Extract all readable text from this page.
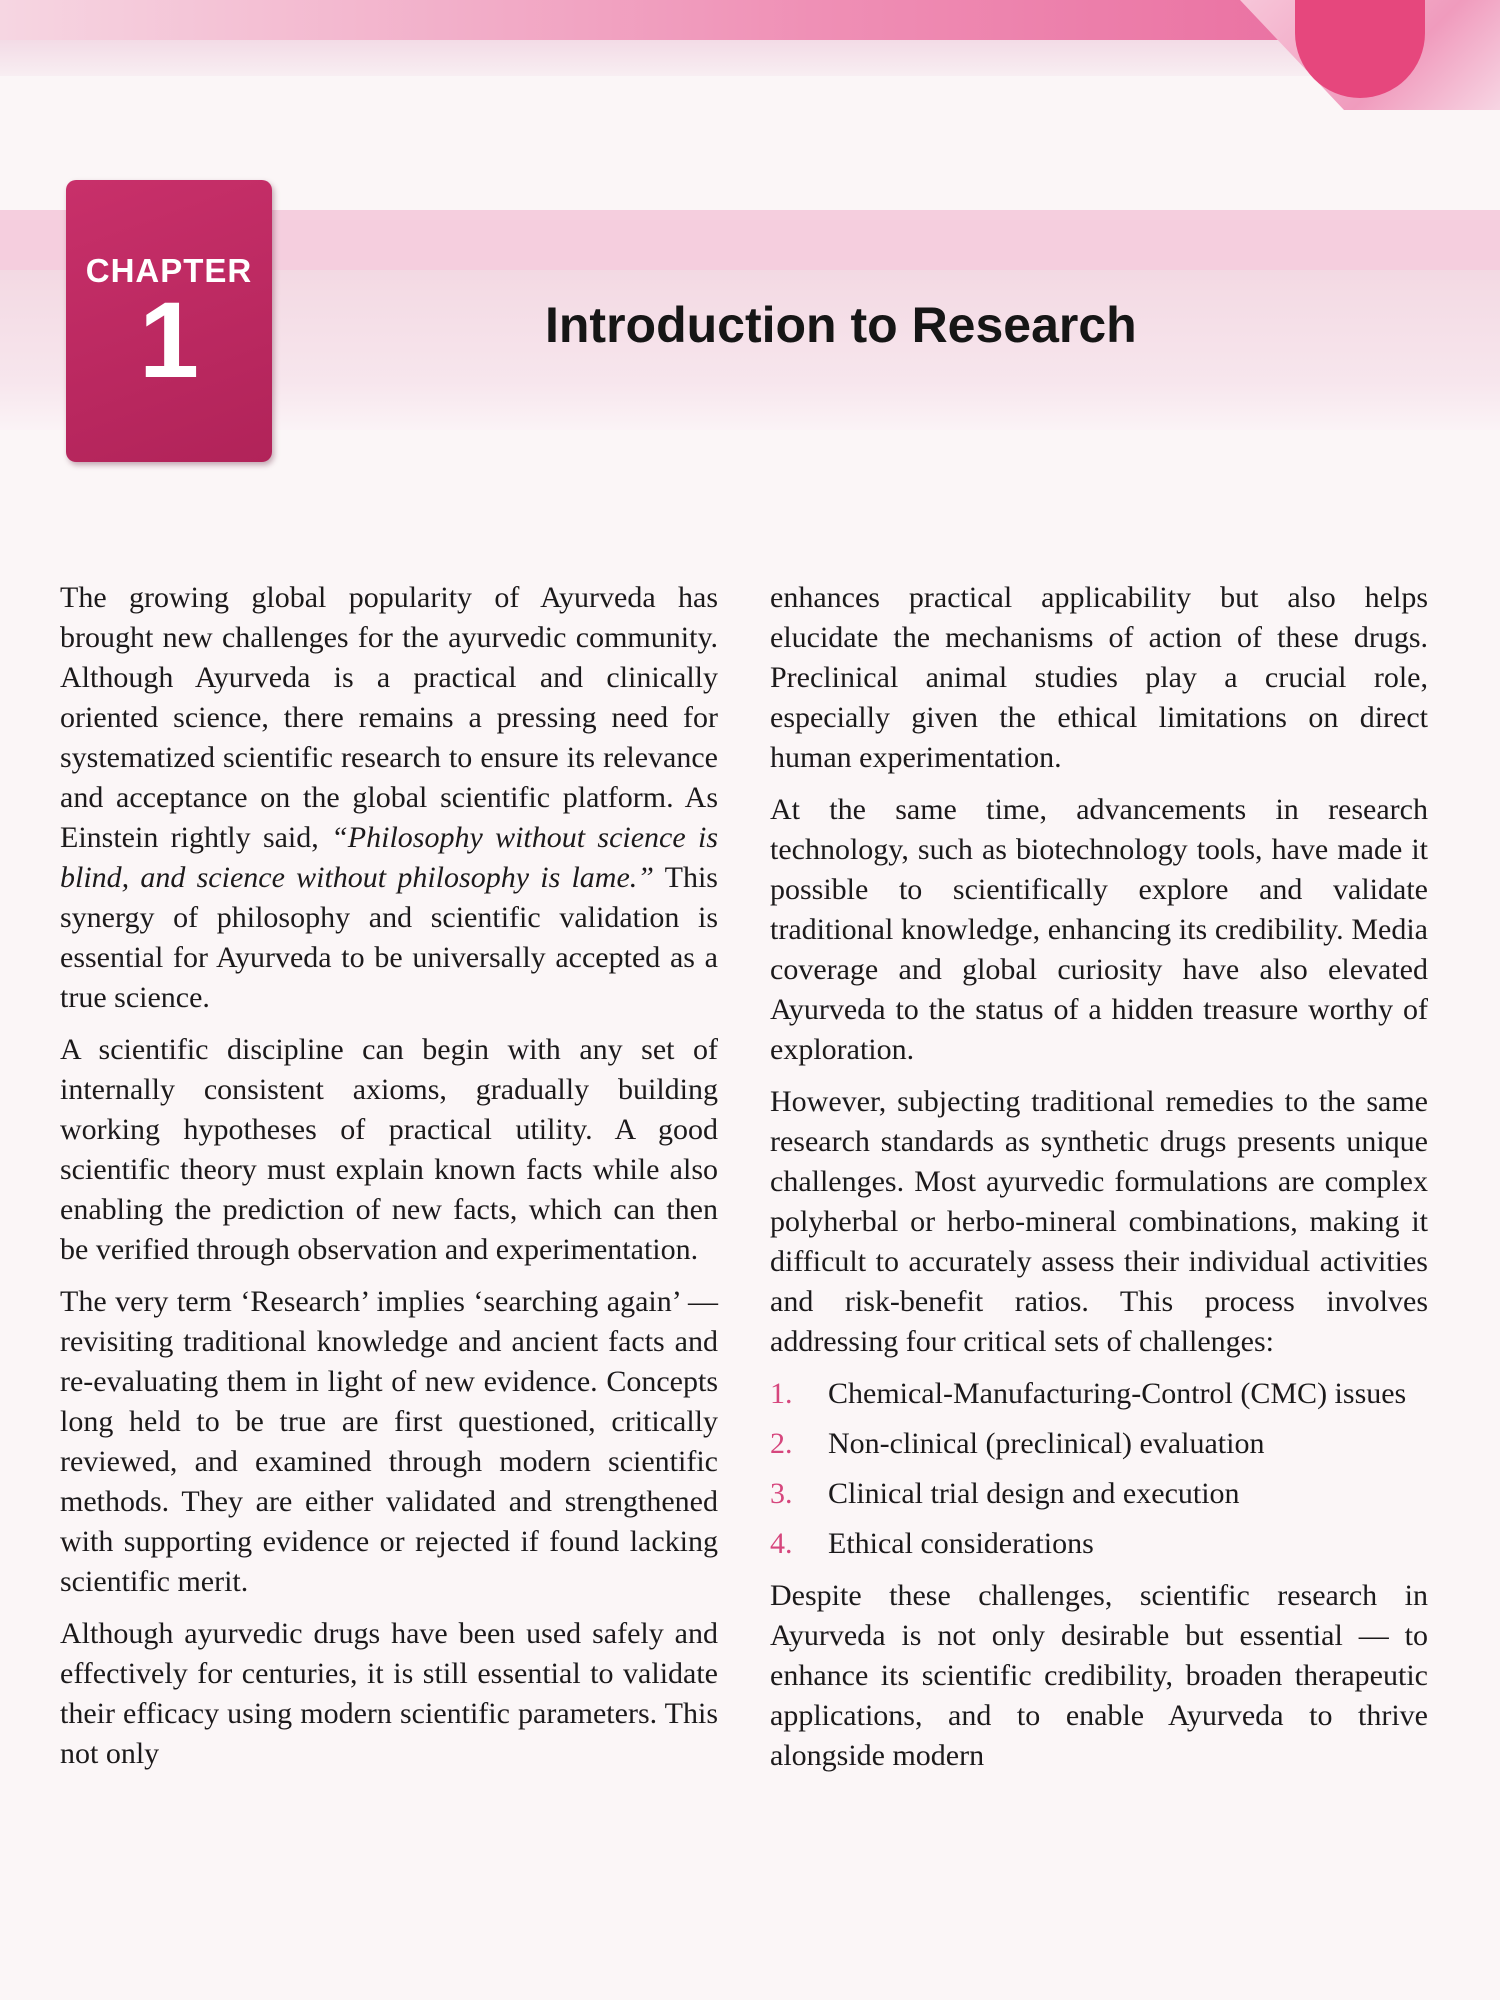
CHAPTER
1	Introduction to Research

The growing global popularity of Ayurveda has brought new challenges for the ayurvedic community. Although Ayurveda is a practical and clinically oriented science, there remains a pressing need for systematized scientific research to ensure its relevance and acceptance on the global scientific platform. As Einstein rightly said, “Philosophy without science is blind, and science without philosophy is lame.” This synergy of philosophy and scientific validation is essential for Ayurveda to be universally accepted as a true science.

A scientific discipline can begin with any set of internally consistent axioms, gradually building working hypotheses of practical utility. A good scientific theory must explain known facts while also enabling the prediction of new facts, which can then be verified through observation and experimentation.

The very term ‘Research’ implies ‘searching again’ — revisiting traditional knowledge and ancient facts and re-evaluating them in light of new evidence. Concepts long held to be true are first questioned, critically reviewed, and examined through modern scientific methods. They are either validated and strengthened with supporting evidence or rejected if found lacking scientific merit.

Although ayurvedic drugs have been used safely and effectively for centuries, it is still essential to validate their efficacy using modern scientific parameters. This not only

enhances practical applicability but also helps elucidate the mechanisms of action of these drugs. Preclinical animal studies play a crucial role, especially given the ethical limitations on direct human experimentation.

At the same time, advancements in research technology, such as biotechnology tools, have made it possible to scientifically explore and validate traditional knowledge, enhancing its credibility. Media coverage and global curiosity have also elevated Ayurveda to the status of a hidden treasure worthy of exploration.

However, subjecting traditional remedies to the same research standards as synthetic drugs presents unique challenges. Most ayurvedic formulations are complex polyherbal or herbo-mineral combinations, making it difficult to accurately assess their individual activities and risk-benefit ratios. This process involves addressing four critical sets of challenges:

1. Chemical-Manufacturing-Control (CMC) issues
2. Non-clinical (preclinical) evaluation
3. Clinical trial design and execution
4. Ethical considerations

Despite these challenges, scientific research in Ayurveda is not only desirable but essential — to enhance its scientific credibility, broaden therapeutic applications, and to enable Ayurveda to thrive alongside modern
